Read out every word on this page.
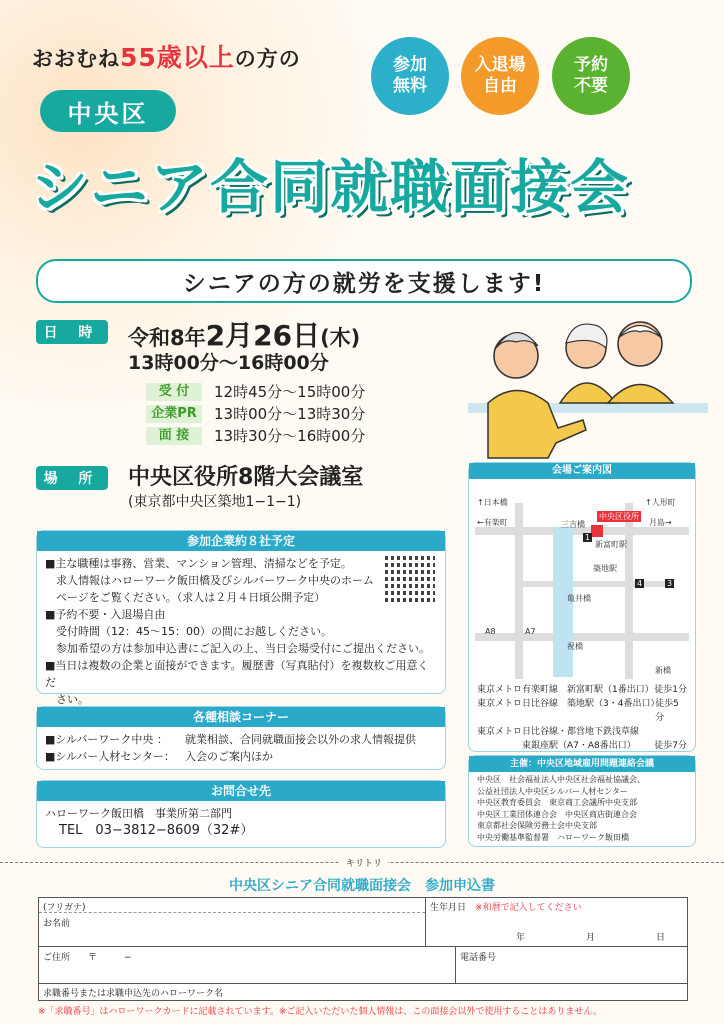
おおむね55歳以上の方の	参加
無料
入退場
自由
予約
不要
中央区
シニア合同就職面接会
シニアの方の就労を支援します!
日 時	令和8年2月26日(木)
13時00分～16時00分
受 付	12時45分～15時00分
企業PR	13時00分～13時30分
面 接	13時30分～16時00分
場 所	中央区役所8階大会議室
(東京都中央区築地1−1−1)
参加企業約８社予定
■主な職種は事務、営業、マンション管理、清掃などを予定。
　求人情報はハローワーク飯田橋及びシルバーワーク中央のホーム
　ページをご覧ください。（求人は２月４日頃公開予定）
■予約不要・入退場自由
　受付時間（12：45～15：00）の間にお越しください。
　参加希望の方は参加申込書にご記入の上、当日会場受付にご提出ください。
■当日は複数の企業と面接ができます。履歴書（写真貼付）を複数枚ご用意くだ
　さい。
各種相談コーナー
■シルバーワーク中央 ：	就業相談、合同就職面接会以外の求人情報提供
■シルバー人材センター： 入会のご案内ほか
お問合せ先
ハローワーク飯田橋　事業所第二部門
TEL　03−3812−8609（32#）
会場ご案内図
↑日本橋	↑人形町
←有楽町	月島→
中央区役所
新富町駅
三吉橋
亀井橋
築地駅
新橋
A8	A7
1
3
4
祝橋
東京メトロ有楽町線　新富町駅（1番出口） 徒歩1分
東京メトロ日比谷線　築地駅（3・4番出口）
徒歩5分
東京メトロ日比谷線・都営地下鉄浅草線
　　　　　東銀座駅（A7・A8番出口） 徒歩7分
主催：中央区地域雇用問題連絡会議
中央区　社会福祉法人中央区社会福祉協議会、
公益社団法人中央区シルバー人材センター
中央区教育委員会　東京商工会議所中央支部
中央区工業団体連合会　中央区商店街連合会
東京都社会保険労務士会中央支部
中央労働基準監督署　ハローワーク飯田橋
キリトリ
中央区シニア合同就職面接会　参加申込書
(フリガナ)
お名前
生年月日　 ※和暦で記入してください
年	月	日
ご住所　　 〒　　　−	電話番号
求職番号または求職申込先のハローワーク名
※「求職番号」はハローワークカードに記載されています。※ご記入いただいた個人情報は、この面接会以外で使用することはありません。
